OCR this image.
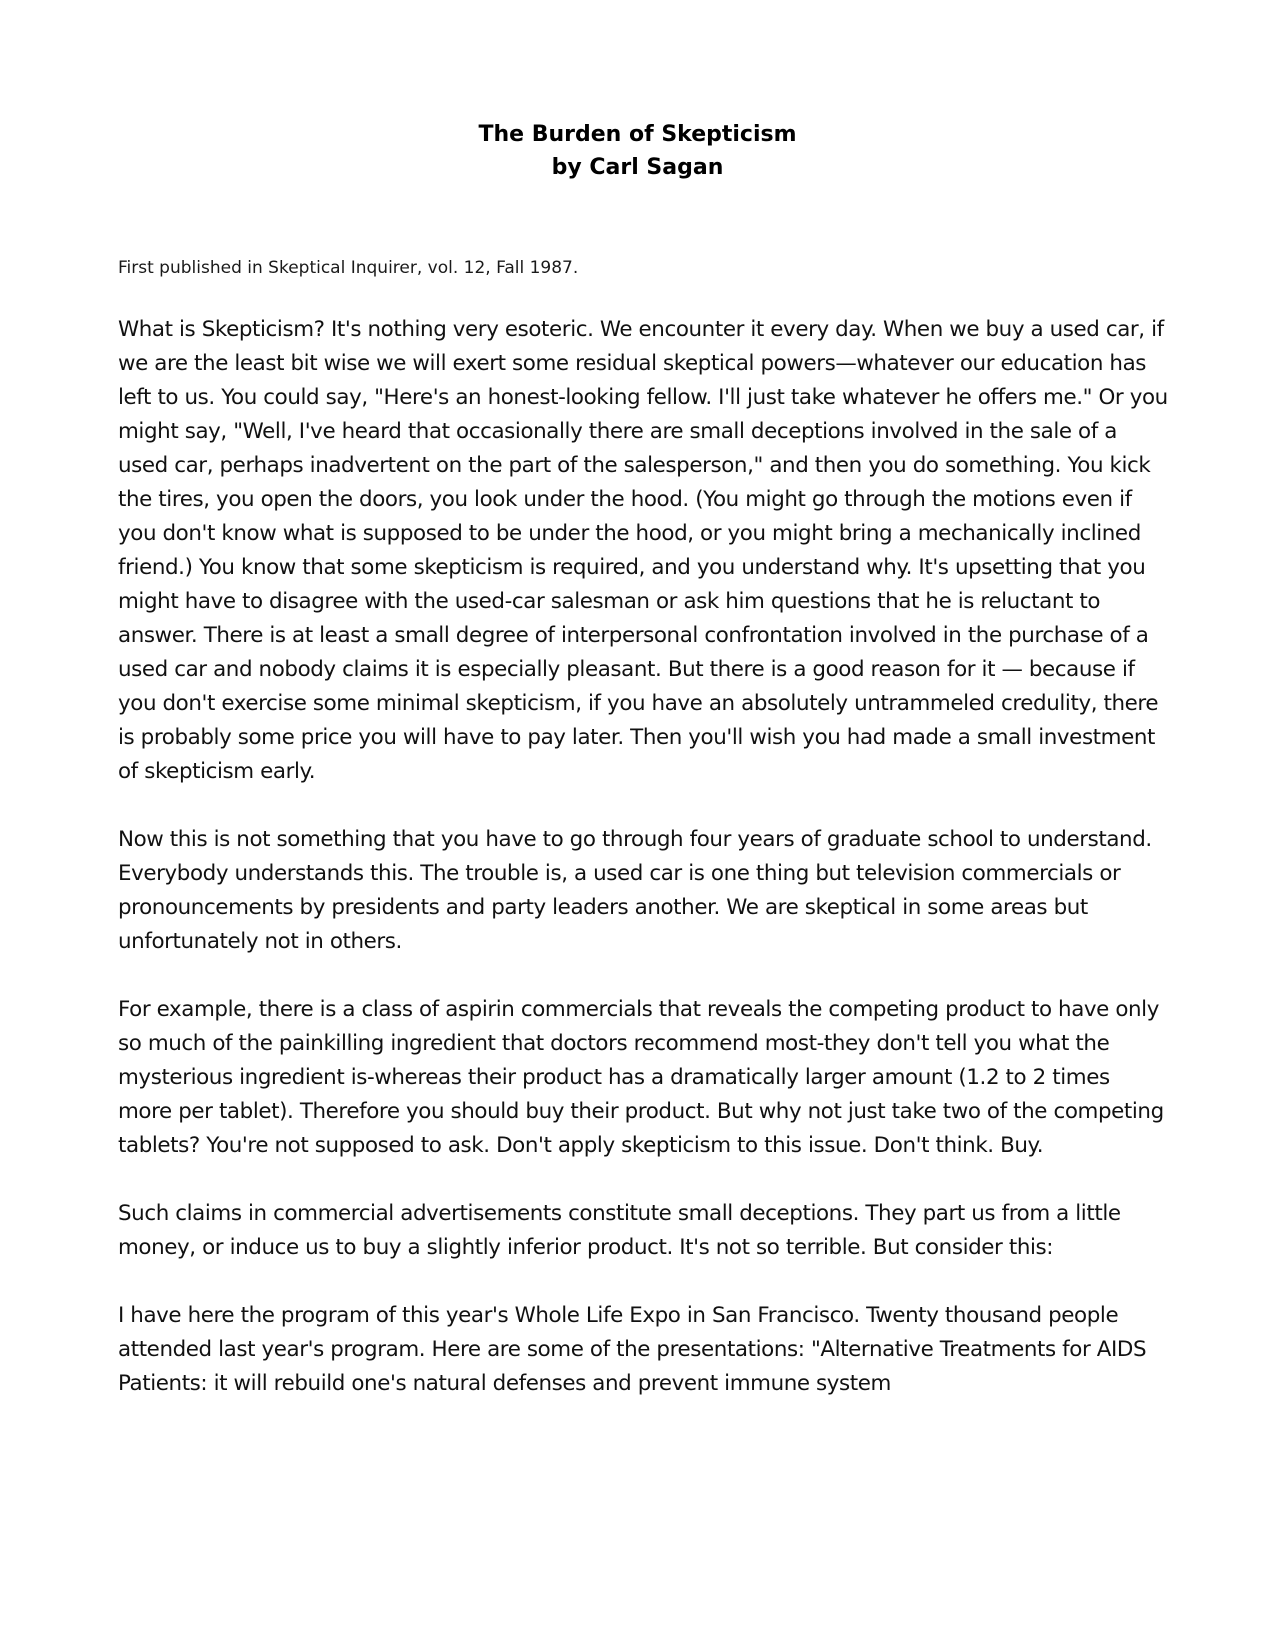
The Burden of Skepticism
by Carl Sagan
First published in Skeptical Inquirer, vol. 12, Fall 1987.

What is Skepticism? It's nothing very esoteric. We encounter it every day. When we buy a used car, if we are the least bit wise we will exert some residual skeptical powers—whatever our education has left to us. You could say, "Here's an honest-looking fellow. I'll just take whatever he offers me." Or you might say, "Well, I've heard that occasionally there are small deceptions involved in the sale of a used car, perhaps inadvertent on the part of the salesperson," and then you do something. You kick the tires, you open the doors, you look under the hood. (You might go through the motions even if you don't know what is supposed to be under the hood, or you might bring a mechanically inclined friend.) You know that some skepticism is required, and you understand why. It's upsetting that you might have to disagree with the used-car salesman or ask him questions that he is reluctant to answer. There is at least a small degree of interpersonal confrontation involved in the purchase of a used car and nobody claims it is especially pleasant. But there is a good reason for it — because if you don't exercise some minimal skepticism, if you have an absolutely untrammeled credulity, there is probably some price you will have to pay later. Then you'll wish you had made a small investment of skepticism early.

Now this is not something that you have to go through four years of graduate school to understand. Everybody understands this. The trouble is, a used car is one thing but television commercials or pronouncements by presidents and party leaders another. We are skeptical in some areas but unfortunately not in others.

For example, there is a class of aspirin commercials that reveals the competing product to have only so much of the painkilling ingredient that doctors recommend most-they don't tell you what the mysterious ingredient is-whereas their product has a dramatically larger amount (1.2 to 2 times more per tablet). Therefore you should buy their product. But why not just take two of the competing tablets? You're not supposed to ask. Don't apply skepticism to this issue. Don't think. Buy.

Such claims in commercial advertisements constitute small deceptions. They part us from a little money, or induce us to buy a slightly inferior product. It's not so terrible. But consider this:

I have here the program of this year's Whole Life Expo in San Francisco. Twenty thousand people attended last year's program. Here are some of the presentations: "Alternative Treatments for AIDS Patients: it will rebuild one's natural defenses and prevent immune system
